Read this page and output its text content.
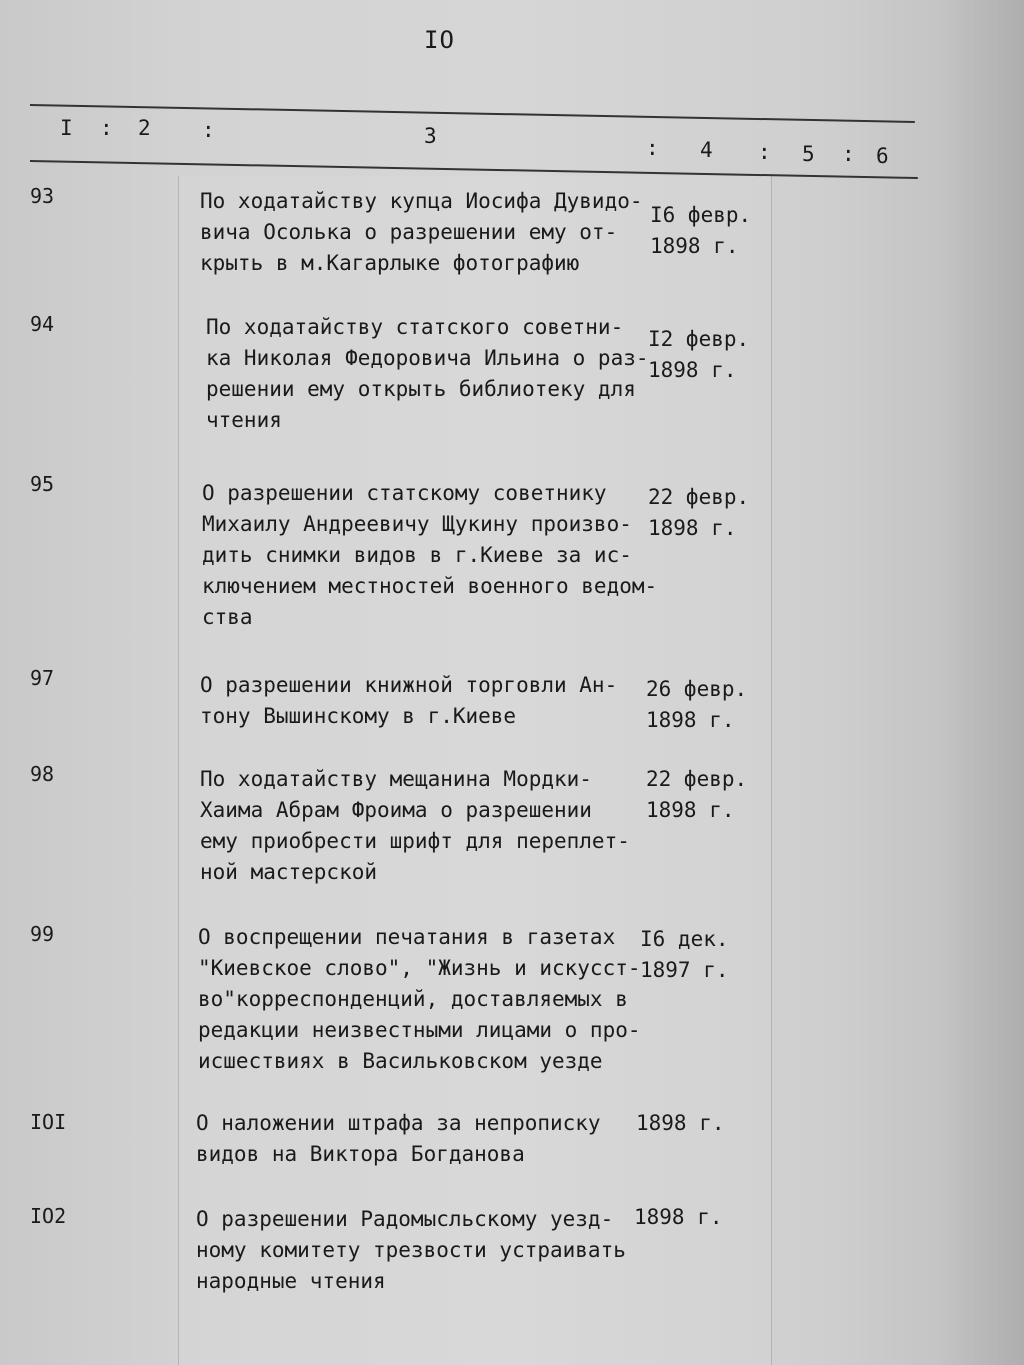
IO
I : 2 :	3	: 4 : 5 : 6
93	По ходатайству купца Иосифа Дувидо-
вича Осолька о разрешении ему от-
крыть в м.Кагарлыке фотографию
I6 февр.
1898 г.
94	По ходатайству статского советни-
ка Николая Федоровича Ильина о раз-
решении ему открыть библиотеку для
чтения
I2 февр.
1898 г.
95	О разрешении статскому советнику
Михаилу Андреевичу Щукину произво-
дить снимки видов в г.Киеве за ис-
ключением местностей военного ведом-
ства
22 февр.
1898 г.
97	О разрешении книжной торговли Ан-
тону Вышинскому в г.Киеве
26 февр.
1898 г.
98	По ходатайству мещанина Мордки-
Хаима Абрам Фроима о разрешении
ему приобрести шрифт для переплет-
ной мастерской
22 февр.
1898 г.
99	О воспрещении печатания в газетах
"Киевское слово", "Жизнь и искусст-
во"корреспонденций, доставляемых в
редакции неизвестными лицами о про-
исшествиях в Васильковском уезде
I6 дек.
1897 г.
IOI	О наложении штрафа за непрописку
видов на Виктора Богданова
1898 г.
IO2	О разрешении Радомысльскому уезд-
ному комитету трезвости устраивать
народные чтения
1898 г.
